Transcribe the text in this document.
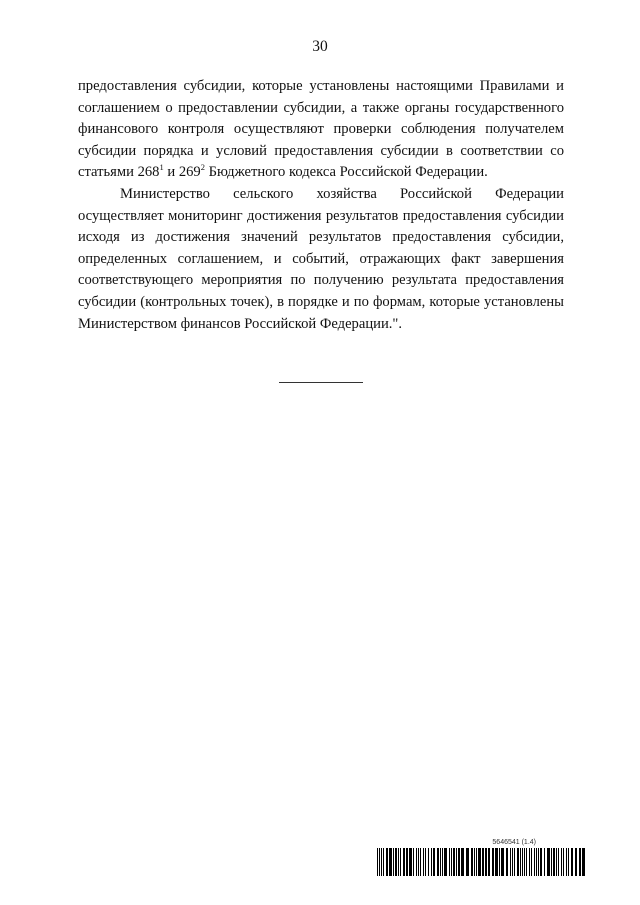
30

предоставления субсидии, которые установлены настоящими Правилами и соглашением о предоставлении субсидии, а также органы государственного финансового контроля осуществляют проверки соблюдения получателем субсидии порядка и условий предоставления субсидии в соответствии со статьями $268^1$ и $269^2$ Бюджетного кодекса Российской Федерации.

Министерство сельского хозяйства Российской Федерации осуществляет мониторинг достижения результатов предоставления субсидии исходя из достижения значений результатов предоставления субсидии, определенных соглашением, и событий, отражающих факт завершения соответствующего мероприятия по получению результата предоставления субсидии (контрольных точек), в порядке и по формам, которые установлены Министерством финансов Российской Федерации.".

5646541 (1.4)
